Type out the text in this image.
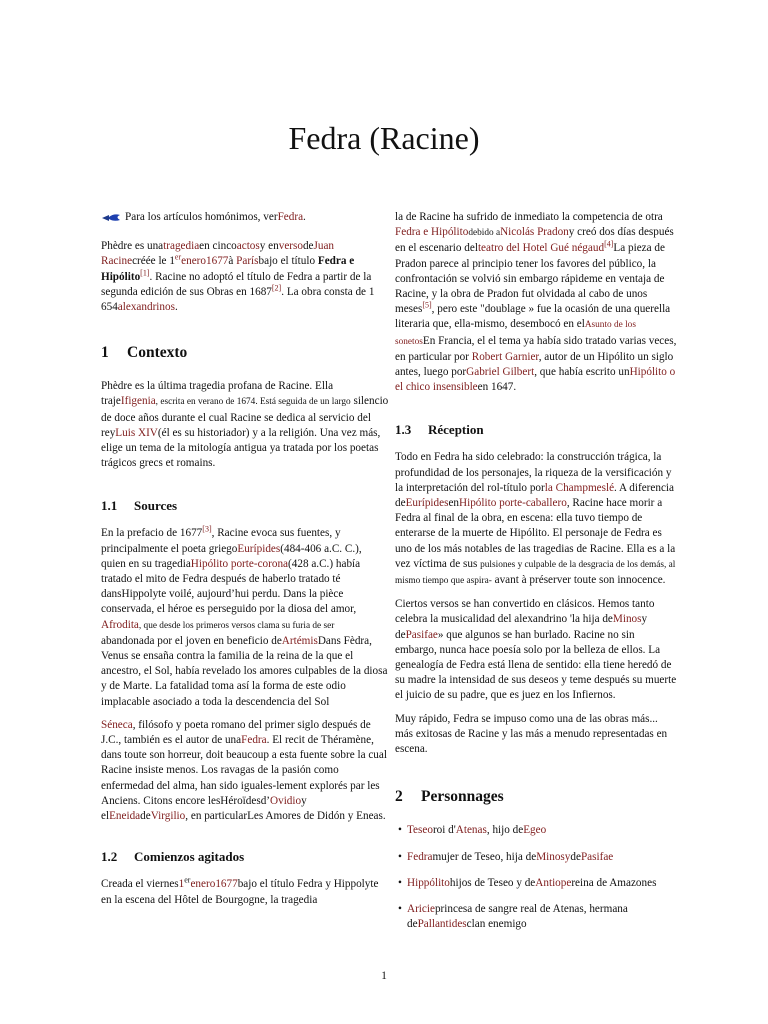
Fedra (Racine)

Para los artículos homónimos, verFedra.

Phèdre es unatragediaen cincoactosy enversodeJuan Racinecréée le 1erenero1677à Parísbajo el título Fedra e Hipólito[1]. Racine no adoptó el título de Fedra a partir de la segunda edición de sus Obras en 1687[2]. La obra consta de 1 654alexandrinos.

1 Contexto

Phèdre es la última tragedia profana de Racine. Ella trajeIfigenia, escrita en verano de 1674. Está seguida de un largo silencio de doce años durante el cual Racine se dedica al servicio del reyLuis XIV(él es su historiador) y a la religión. Una vez más, elige un tema de la mitología antigua ya tratada por los poetas trágicos grecs et romains.

1.1 Sources

En la prefacio de 1677[3], Racine evoca sus fuentes, y principalmente el poeta griegoEurípides(484-406 a.C. C.), quien en su tragediaHipólito porte-corona(428 a.C.) había tratado el mito de Fedra después de haberlo tratado té dansHippolyte voilé, aujourd’hui perdu. Dans la pièce conservada, el héroe es perseguido por la diosa del amor, Afrodita, que desde los primeros versos clama su furia de ser abandonada por el joven en beneficio deArtémisDans Fèdra, Venus se ensaña contra la familia de la reina de la que el ancestro, el Sol, había revelado los amores culpables de la diosa y de Marte. La fatalidad toma así la forma de este odio implacable asociado a toda la descendencia del Sol

Séneca, filósofo y poeta romano del primer siglo después de J.C., también es el autor de unaFedra. El recit de Théramène, dans toute son horreur, doit beaucoup a esta fuente sobre la cual Racine insiste menos. Los ravagas de la pasión como enfermedad del alma, han sido iguales-lement explorés par les Anciens. Citons encore lesHéroïdesd’Ovidioy elEneidadeVirgilio, en particularLes Amores de Didón y Eneas.

1.2 Comienzos agitados

Creada el viernes1erenero1677bajo el título Fedra y Hippolyte en la escena del Hôtel de Bourgogne, la tragedia

la de Racine ha sufrido de inmediato la competencia de otra Fedra e Hipólitodebido aNicolás Pradony creó dos días después en el escenario delteatro del Hotel Gué négaud[4]La pieza de Pradon parece al principio tener los favores del público, la confrontación se volvió sin embargo rápideme en ventaja de Racine, y la obra de Pradon fut olvidada al cabo de unos meses[5], pero este "doublage » fue la ocasión de una querella literaria que, ella-mismo, desembocó en elAsunto de los sonetosEn Francia, el el tema ya había sido tratado varias veces, en particular por Robert Garnier, autor de un Hipólito un siglo antes, luego porGabriel Gilbert, que había escrito unHipólito o el chico insensibleen 1647.

1.3 Réception

Todo en Fedra ha sido celebrado: la construcción trágica, la profundidad de los personajes, la riqueza de la versificación y la interpretación del rol-título porla Champmeslé. A diferencia deEurípidesenHipólito porte-caballero, Racine hace morir a Fedra al final de la obra, en escena: ella tuvo tiempo de enterarse de la muerte de Hipólito. El personaje de Fedra es uno de los más notables de las tragedias de Racine. Ella es a la vez víctima de sus pulsiones y culpable de la desgracia de los demás, al mismo tiempo que aspira- avant à préserver toute son innocence.

Ciertos versos se han convertido en clásicos. Hemos tanto celebra la musicalidad del alexandrino 'la hija deMinosy dePasifae» que algunos se han burlado. Racine no sin embargo, nunca hace poesía solo por la belleza de ellos. La genealogía de Fedra está llena de sentido: ella tiene heredó de su madre la intensidad de sus deseos y teme después su muerte el juicio de su padre, que es juez en los Infiernos.

Muy rápido, Fedra se impuso como una de las obras más... más exitosas de Racine y las más a menudo representadas en escena.

2 Personnages
• Teseoroi d'Atenas, hijo deEgeo
• Fedramujer de Teseo, hija deMinosydePasifae
• Hippólitohijos de Teseo y deAntiopereina de Amazones
• Aricieprincesa de sangre real de Atenas, hermana dePallantidesclan enemigo
1
